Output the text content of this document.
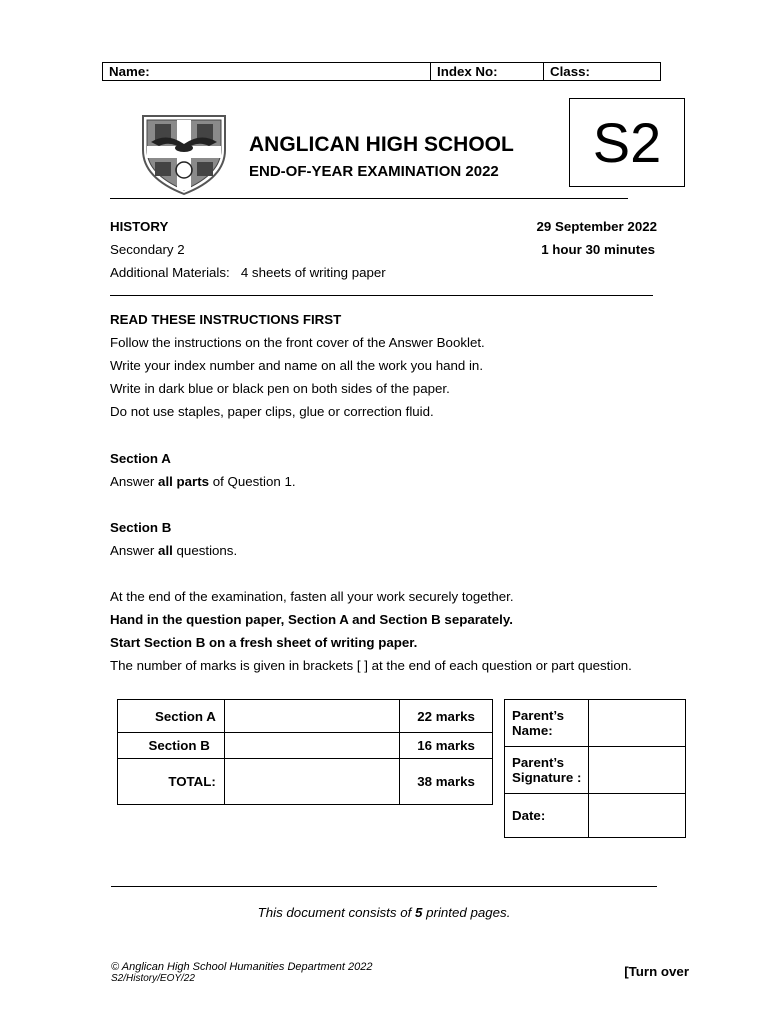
Name:	Index No:	Class:
ANGLICAN HIGH SCHOOL
END-OF-YEAR EXAMINATION 2022	S2
HISTORY
Secondary 2
Additional Materials: 4 sheets of writing paper
29 September 2022
1 hour 30 minutes
READ THESE INSTRUCTIONS FIRST
Follow the instructions on the front cover of the Answer Booklet.
Write your index number and name on all the work you hand in.
Write in dark blue or black pen on both sides of the paper.
Do not use staples, paper clips, glue or correction fluid.
Section A
Answer all parts of Question 1.
Section B
Answer all questions.
At the end of the examination, fasten all your work securely together.
Hand in the question paper, Section A and Section B separately.
Start Section B on a fresh sheet of writing paper.
The number of marks is given in brackets [ ] at the end of each question or part question.
Section A		22 marks
Section B		16 marks
TOTAL:		38 marks
Parent’s Name:	
Parent’s Signature :	
Date:	
This document consists of 5 printed pages.
© Anglican High School Humanities Department 2022
S2/History/EOY/22	[Turn over
